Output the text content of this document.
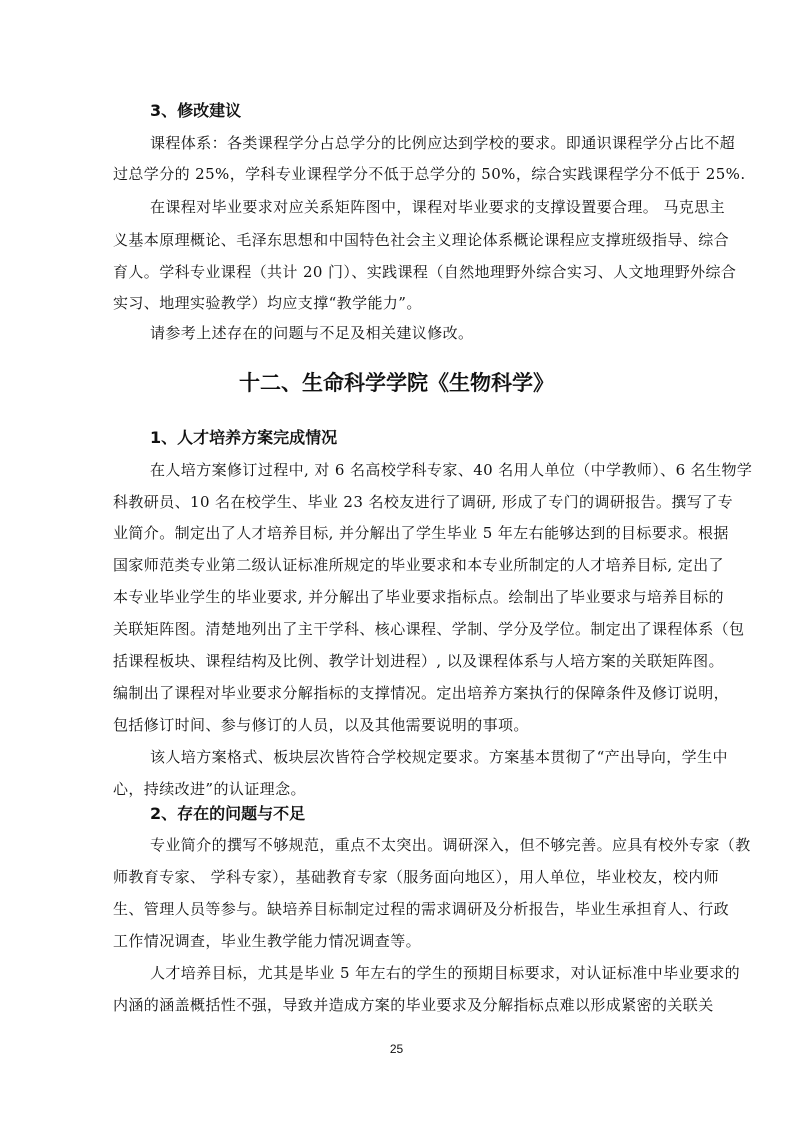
3、修改建议
课程体系：各类课程学分占总学分的比例应达到学校的要求。即通识课程学分占比不超
过总学分的 25%，学科专业课程学分不低于总学分的 50%，综合实践课程学分不低于 25%.
在课程对毕业要求对应关系矩阵图中，课程对毕业要求的支撑设置要合理。 马克思主
义基本原理概论、毛泽东思想和中国特色社会主义理论体系概论课程应支撑班级指导、综合
育人。学科专业课程（共计 20 门）、实践课程（自然地理野外综合实习、人文地理野外综合
实习、地理实验教学）均应支撑“教学能力”。
请参考上述存在的问题与不足及相关建议修改。
十二、生命科学学院《生物科学》
1、人才培养方案完成情况
在人培方案修订过程中, 对 6 名高校学科专家、40 名用人单位（中学教师）、6 名生物学
科教研员、10 名在校学生、毕业 23 名校友进行了调研, 形成了专门的调研报告。撰写了专
业简介。制定出了人才培养目标, 并分解出了学生毕业 5 年左右能够达到的目标要求。根据
国家师范类专业第二级认证标准所规定的毕业要求和本专业所制定的人才培养目标, 定出了
本专业毕业学生的毕业要求, 并分解出了毕业要求指标点。绘制出了毕业要求与培养目标的
关联矩阵图。清楚地列出了主干学科、核心课程、学制、学分及学位。制定出了课程体系（包
括课程板块、课程结构及比例、教学计划进程）, 以及课程体系与人培方案的关联矩阵图。
编制出了课程对毕业要求分解指标的支撑情况。定出培养方案执行的保障条件及修订说明，
包括修订时间、参与修订的人员，以及其他需要说明的事项。
该人培方案格式、板块层次皆符合学校规定要求。方案基本贯彻了“产出导向，学生中
心，持续改进”的认证理念。
2、存在的问题与不足
专业简介的撰写不够规范，重点不太突出。调研深入，但不够完善。应具有校外专家（教
师教育专家、 学科专家），基础教育专家（服务面向地区），用人单位，毕业校友，校内师
生、管理人员等参与。缺培养目标制定过程的需求调研及分析报告，毕业生承担育人、行政
工作情况调查，毕业生教学能力情况调查等。
人才培养目标，尤其是毕业 5 年左右的学生的预期目标要求，对认证标准中毕业要求的
内涵的涵盖概括性不强，导致并造成方案的毕业要求及分解指标点难以形成紧密的关联关
25
